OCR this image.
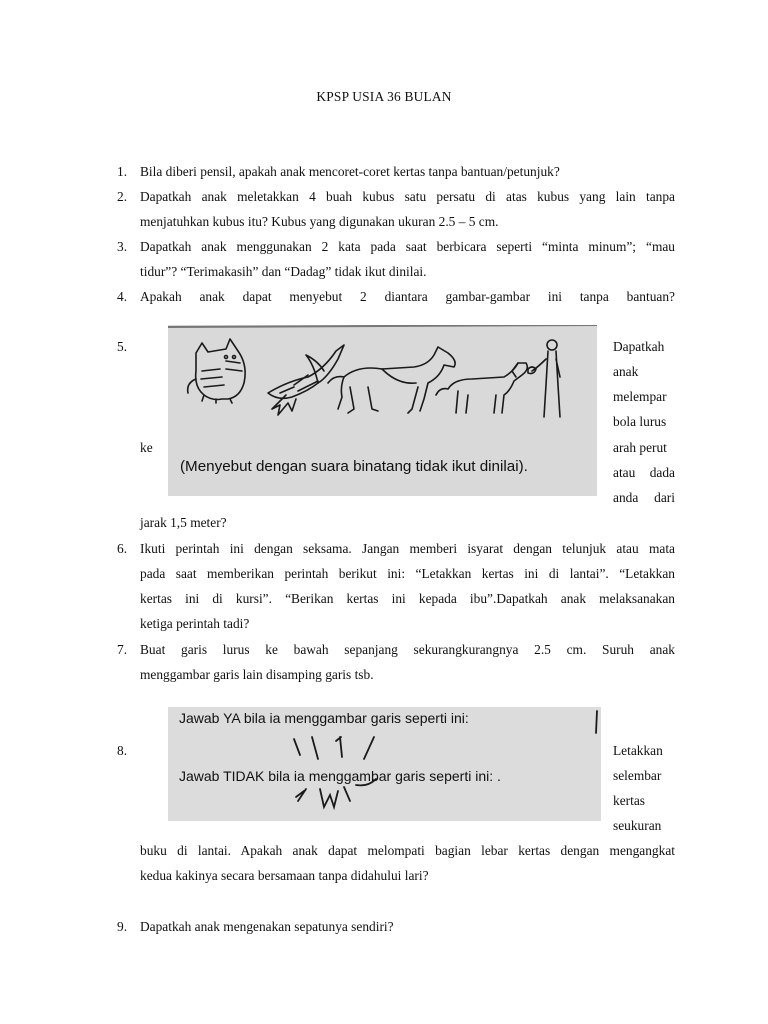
KPSP USIA 36 BULAN
1. Bila diberi pensil, apakah anak mencoret-coret kertas tanpa bantuan/petunjuk?
2. Dapatkah anak meletakkan 4 buah kubus satu persatu di atas kubus yang lain tanpa
menjatuhkan kubus itu? Kubus yang digunakan ukuran 2.5 – 5 cm.
3. Dapatkah anak menggunakan 2 kata pada saat berbicara seperti “minta minum”; “mau
tidur”? “Terimakasih” dan “Dadag” tidak ikut dinilai.
4. Apakah anak dapat menyebut 2 diantara gambar-gambar ini tanpa bantuan?
5.	Dapatkah
anak
melempar
bola lurus
ke	arah perut
atau dada
anda dari
jarak 1,5 meter?
(Menyebut dengan suara binatang tidak ikut dinilai).
6. Ikuti perintah ini dengan seksama. Jangan memberi isyarat dengan telunjuk atau mata
pada saat memberikan perintah berikut ini: “Letakkan kertas ini di lantai”. “Letakkan
kertas ini di kursi”. “Berikan kertas ini kepada ibu”.Dapatkah anak melaksanakan
ketiga perintah tadi?
7. Buat garis lurus ke bawah sepanjang sekurangkurangnya 2.5 cm. Suruh anak
menggambar garis lain disamping garis tsb.
Jawab YA bila ia menggambar garis seperti ini:
Jawab TIDAK bila ia menggambar garis seperti ini: .
8.	Letakkan
selembar
kertas
seukuran
buku di lantai. Apakah anak dapat melompati bagian lebar kertas dengan mengangkat
kedua kakinya secara bersamaan tanpa didahului lari?
9. Dapatkah anak mengenakan sepatunya sendiri?
